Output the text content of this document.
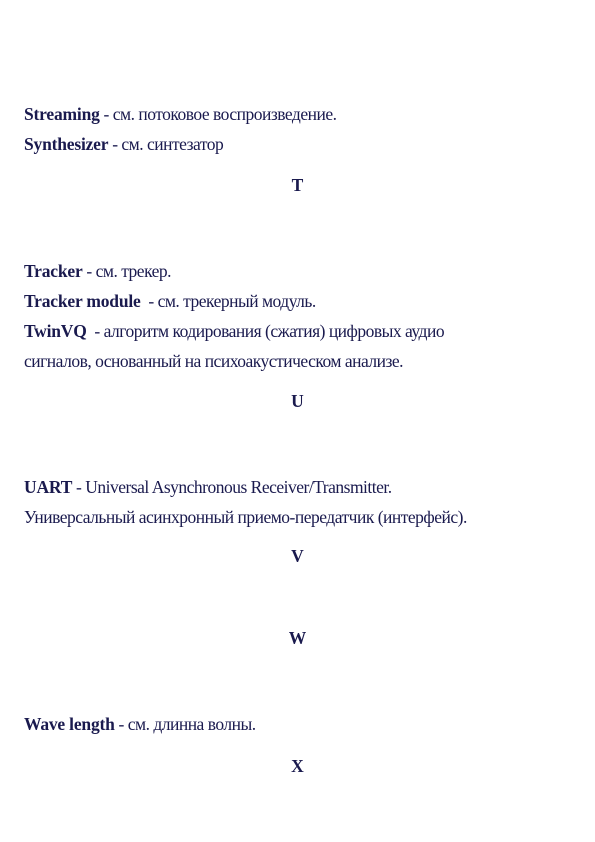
Streaming - см. потоковое воспроизведение.
Synthesizer - см. синтезатор
T
Tracker - см. трекер.
Tracker module  - см. трекерный модуль.
TwinVQ  - алгоритм кодирования (сжатия) цифровых аудио
сигналов, основанный на психоакустическом анализе.
U
UART - Universal Asynchronous Receiver/Transmitter.
Универсальный асинхронный приемо-передатчик (интерфейс).
V
W
Wave length - см. длинна волны.
X
